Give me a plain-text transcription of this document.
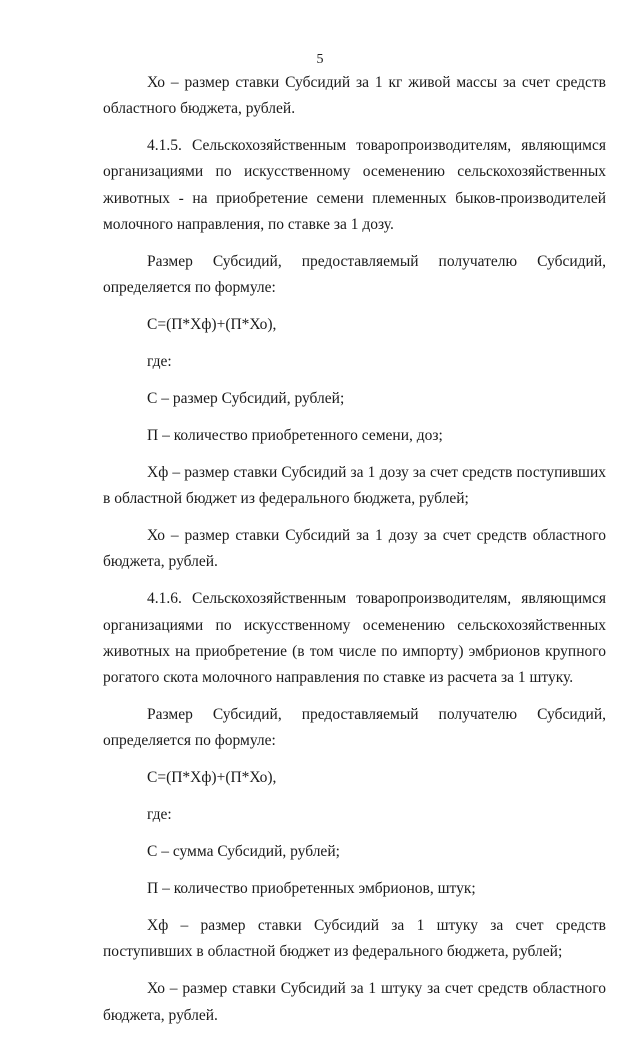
5

Хо – размер ставки Субсидий за 1 кг живой массы за счет средств областного бюджета, рублей.

4.1.5. Сельскохозяйственным товаропроизводителям, являющимся организациями по искусственному осеменению сельскохозяйственных животных - на приобретение семени племенных быков-производителей молочного направления, по ставке за 1 дозу.

Размер Субсидий, предоставляемый получателю Субсидий, определяется по формуле:

С=(П*Хф)+(П*Хо),

где:

С – размер Субсидий, рублей;

П – количество приобретенного семени, доз;

Хф – размер ставки Субсидий за 1 дозу за счет средств поступивших в областной бюджет из федерального бюджета, рублей;

Хо – размер ставки Субсидий за 1 дозу за счет средств областного бюджета, рублей.

4.1.6. Сельскохозяйственным товаропроизводителям, являющимся организациями по искусственному осеменению сельскохозяйственных животных на приобретение (в том числе по импорту) эмбрионов крупного рогатого скота молочного направления по ставке из расчета за 1 штуку.

Размер Субсидий, предоставляемый получателю Субсидий, определяется по формуле:

С=(П*Хф)+(П*Хо),

где:

С – сумма Субсидий, рублей;

П – количество приобретенных эмбрионов, штук;

Хф – размер ставки Субсидий за 1 штуку за счет средств поступивших в областной бюджет из федерального бюджета, рублей;

Хо – размер ставки Субсидий за 1 штуку за счет средств областного бюджета, рублей.
